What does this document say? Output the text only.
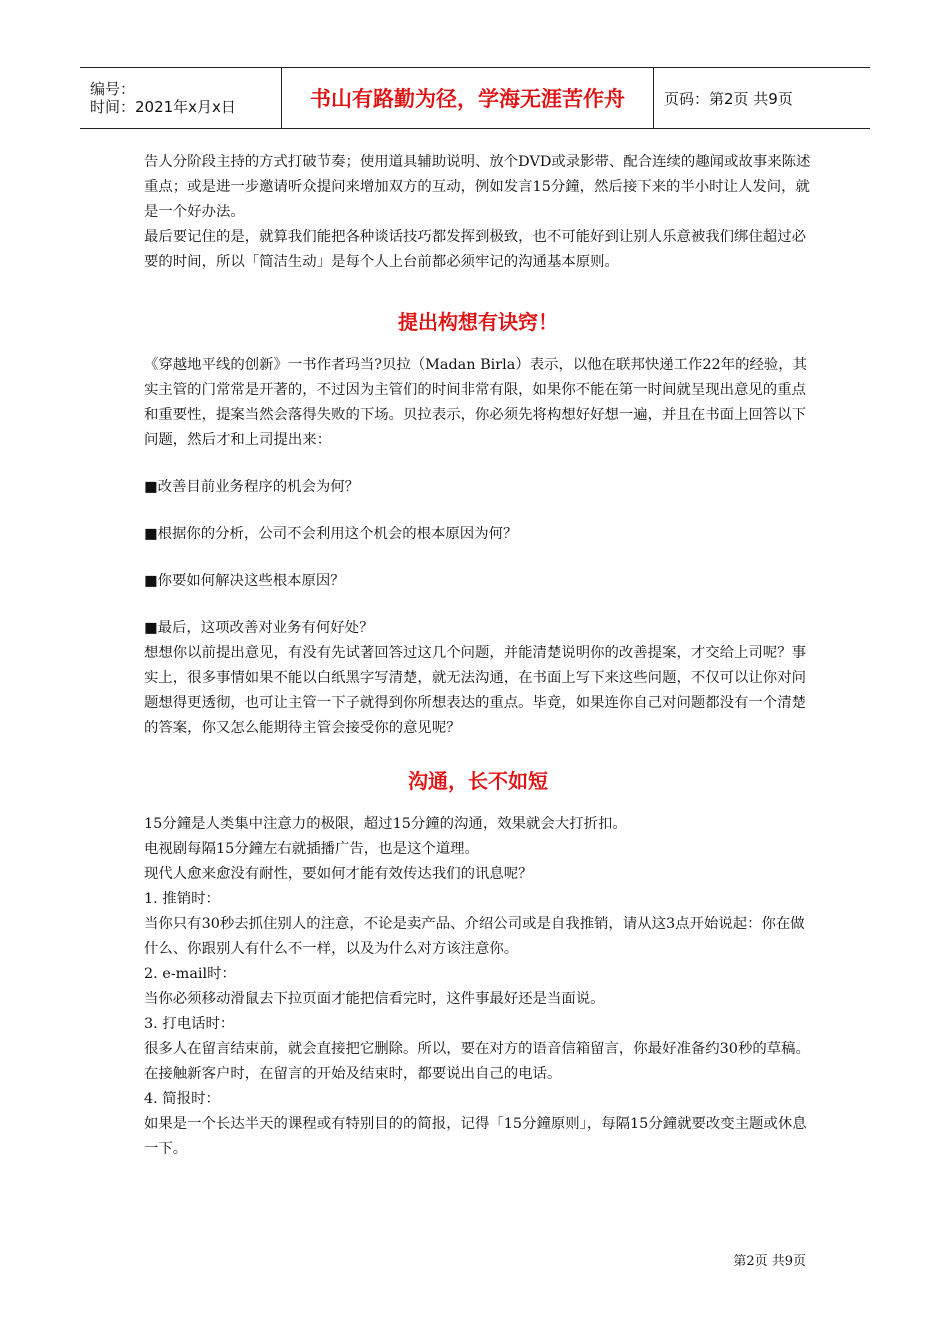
编号：
时间：2021年x月x日	书山有路勤为径，学海无涯苦作舟	页码：第2页 共9页

告人分阶段主持的方式打破节奏；使用道具辅助说明、放个DVD或录影带、配合连续的趣闻或故事来陈述重点；或是进一步邀请听众提问来增加双方的互动，例如发言15分鐘，然后接下来的半小时让人发问，就是一个好办法。

最后要记住的是，就算我们能把各种谈话技巧都发挥到极致，也不可能好到让别人乐意被我们绑住超过必要的时间，所以「简洁生动」是每个人上台前都必须牢记的沟通基本原则。

提出构想有诀窍！

《穿越地平线的创新》一书作者玛当?贝拉（Madan Birla）表示，以他在联邦快递工作22年的经验，其实主管的门常常是开著的，不过因为主管们的时间非常有限，如果你不能在第一时间就呈现出意见的重点和重要性，提案当然会落得失败的下场。贝拉表示，你必须先将构想好好想一遍，并且在书面上回答以下问题，然后才和上司提出来：

■改善目前业务程序的机会为何？

■根据你的分析，公司不会利用这个机会的根本原因为何？

■你要如何解决这些根本原因？

■最后，这项改善对业务有何好处？

想想你以前提出意见，有没有先试著回答过这几个问题，并能清楚说明你的改善提案，才交给上司呢？事实上，很多事情如果不能以白纸黑字写清楚，就无法沟通，在书面上写下来这些问题，不仅可以让你对问题想得更透彻，也可让主管一下子就得到你所想表达的重点。毕竟，如果连你自己对问题都没有一个清楚的答案，你又怎么能期待主管会接受你的意见呢？

沟通，长不如短

15分鐘是人类集中注意力的极限，超过15分鐘的沟通，效果就会大打折扣。

电视剧每隔15分鐘左右就插播广告，也是这个道理。

现代人愈来愈没有耐性，要如何才能有效传达我们的讯息呢？

1. 推销时：

当你只有30秒去抓住别人的注意，不论是卖产品、介绍公司或是自我推销，请从这3点开始说起：你在做什么、你跟别人有什么不一样，以及为什么对方该注意你。

2. e-mail时：

当你必须移动滑鼠去下拉页面才能把信看完时，这件事最好还是当面说。

3. 打电话时：

很多人在留言结束前，就会直接把它删除。所以，要在对方的语音信箱留言，你最好准备约30秒的草稿。在接触新客户时，在留言的开始及结束时，都要说出自己的电话。

4. 简报时：

如果是一个长达半天的课程或有特别目的的简报，记得「15分鐘原则」，每隔15分鐘就要改变主题或休息一下。

第2页 共9页
